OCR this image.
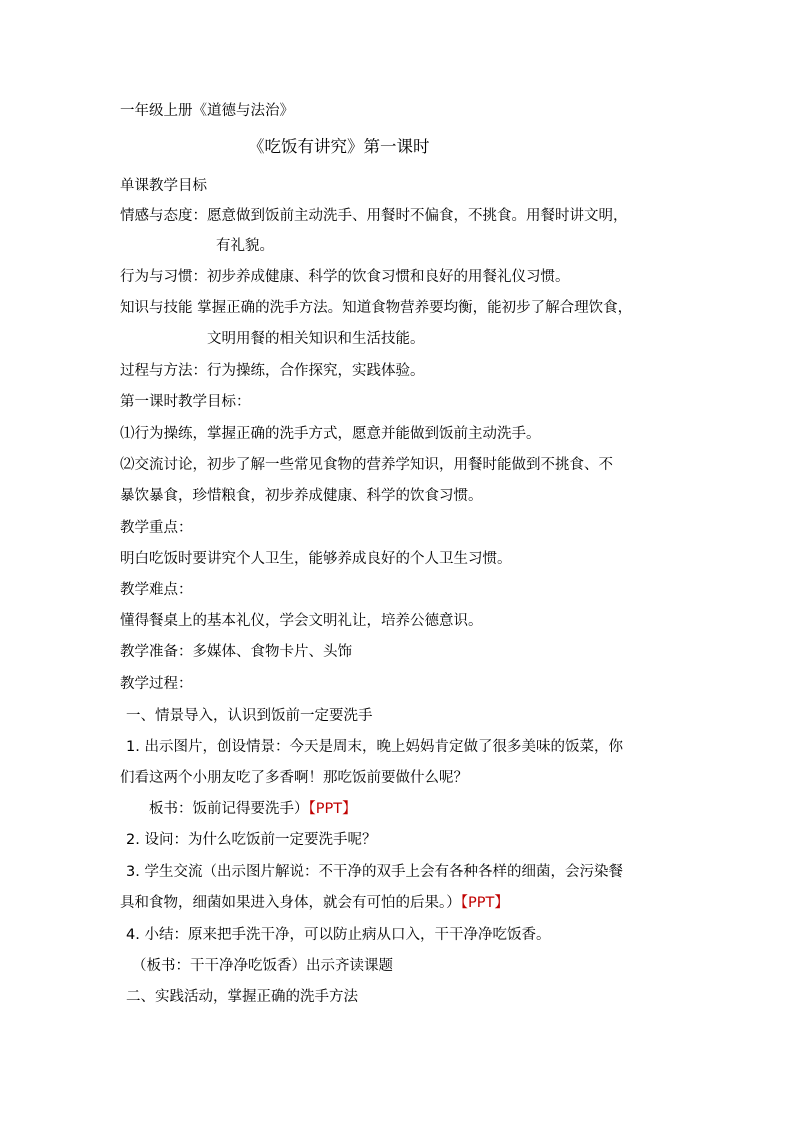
一年级上册《道德与法治》
《吃饭有讲究》第一课时
单课教学目标
情感与态度：愿意做到饭前主动洗手、用餐时不偏食，不挑食。用餐时讲文明，
有礼貌。
行为与习惯：初步养成健康、科学的饮食习惯和良好的用餐礼仪习惯。
知识与技能 掌握正确的洗手方法。知道食物营养要均衡，能初步了解合理饮食，
文明用餐的相关知识和生活技能。
过程与方法：行为操练，合作探究，实践体验。
第一课时教学目标：
⑴行为操练，掌握正确的洗手方式，愿意并能做到饭前主动洗手。
⑵交流讨论，初步了解一些常见食物的营养学知识，用餐时能做到不挑食、不
暴饮暴食，珍惜粮食，初步养成健康、科学的饮食习惯。
教学重点：
明白吃饭时要讲究个人卫生，能够养成良好的个人卫生习惯。
教学难点：
懂得餐桌上的基本礼仪，学会文明礼让，培养公德意识。
教学准备：多媒体、食物卡片、头饰
教学过程：
一、情景导入，认识到饭前一定要洗手
1. 出示图片，创设情景：今天是周末，晚上妈妈肯定做了很多美味的饭菜，你
们看这两个小朋友吃了多香啊！那吃饭前要做什么呢？
板书：饭前记得要洗手）【PPT】
2. 设问：为什么吃饭前一定要洗手呢？
3. 学生交流（出示图片解说：不干净的双手上会有各种各样的细菌，会污染餐
具和食物，细菌如果进入身体，就会有可怕的后果。）【PPT】
4. 小结：原来把手洗干净，可以防止病从口入，干干净净吃饭香。
（板书：干干净净吃饭香）出示齐读课题
二、实践活动，掌握正确的洗手方法
